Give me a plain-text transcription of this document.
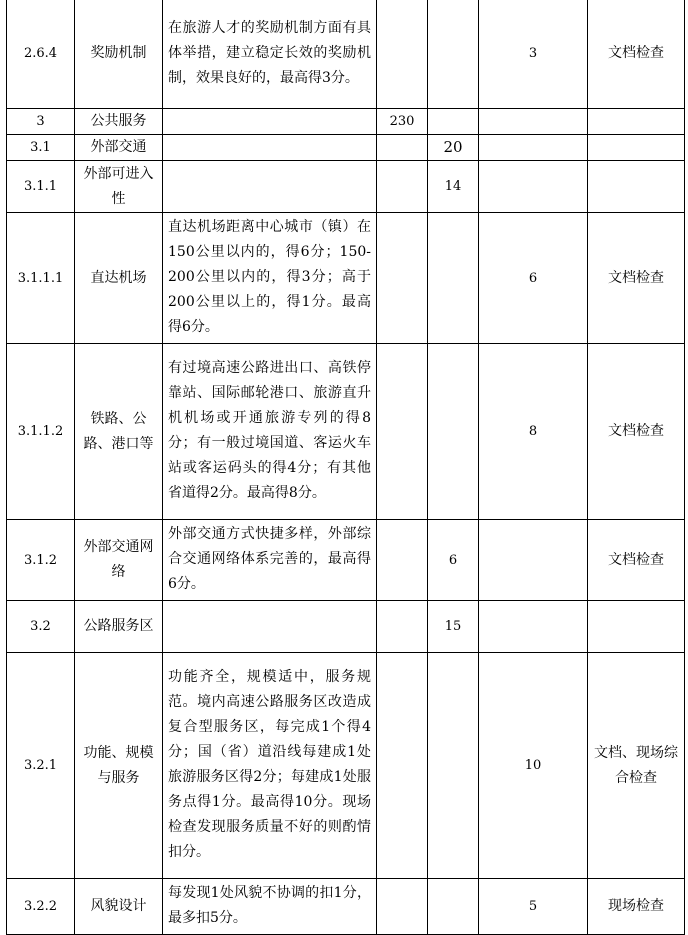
2.6.4	奖励机制	在旅游人才的奖励机制方面有具体举措，建立稳定长效的奖励机制，效果良好的，最高得3分。			3	文档检查
3	公共服务		230			
3.1	外部交通			20		
3.1.1	外部可进入性			14		
3.1.1.1	直达机场	直达机场距离中心城市（镇）在150公里以内的，得6分；150-200公里以内的，得3分；高于200公里以上的，得1分。最高得6分。			6	文档检查
3.1.1.2	铁路、公路、港口等	有过境高速公路进出口、高铁停靠站、国际邮轮港口、旅游直升机机场或开通旅游专列的得8分；有一般过境国道、客运火车站或客运码头的得4分；有其他省道得2分。最高得8分。			8	文档检查
3.1.2	外部交通网络	外部交通方式快捷多样，外部综合交通网络体系完善的，最高得6分。		6		文档检查
3.2	公路服务区			15		
3.2.1	功能、规模与服务	功能齐全，规模适中，服务规范。境内高速公路服务区改造成复合型服务区，每完成1个得4分；国（省）道沿线每建成1处旅游服务区得2分；每建成1处服务点得1分。最高得10分。现场检查发现服务质量不好的则酌情扣分。			10	文档、现场综合检查
3.2.2	风貌设计	每发现1处风貌不协调的扣1分，最多扣5分。			5	现场检查
